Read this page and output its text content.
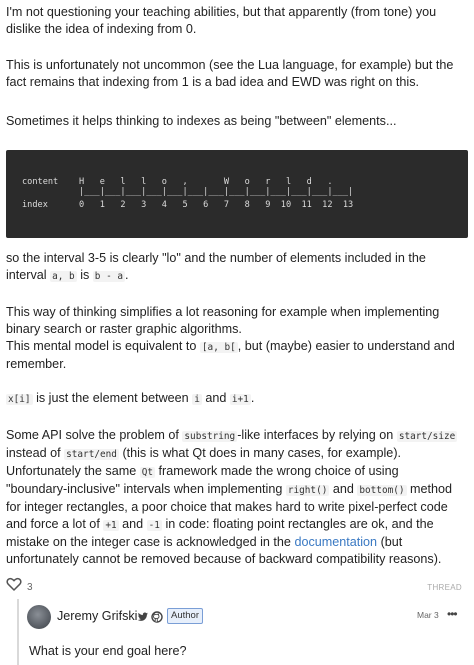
I'm not questioning your teaching abilities, but that apparently (from tone) you
dislike the idea of indexing from 0.

This is unfortunately not uncommon (see the Lua language, for example) but the
fact remains that indexing from 1 is a bad idea and EWD was right on this.

Sometimes it helps thinking to indexes as being "between" elements...

content H   e   l   l   o   ,       W   o   r   l   d   .
|___|___|___|___|___|___|___|___|___|___|___|___|___|
index	0   1   2   3   4   5   6   7   8   9  10  11  12  13

so the interval 3-5 is clearly "lo" and the number of elements included in the
interval a, b is b - a .

This way of thinking simplifies a lot reasoning for example when implementing
binary search or raster graphic algorithms.
This mental model is equivalent to [a, b[ , but (maybe) easier to understand and
remember.

x[i] is just the element between i and i+1 .

Some API solve the problem of substring -like interfaces by relying on start/size
instead of start/end (this is what Qt does in many cases, for example).
Unfortunately the same Qt framework made the wrong choice of using
"boundary-inclusive" intervals when implementing right() and bottom() method
for integer rectangles, a poor choice that makes hard to write pixel-perfect code
and force a lot of +1 and -1 in code: floating point rectangles are ok, and the
mistake on the integer case is acknowledged in the documentation (but
unfortunately cannot be removed because of backward compatibility reasons).

3	THREAD
Jeremy Grifski	Author	Mar 3 •••
What is your end goal here?
